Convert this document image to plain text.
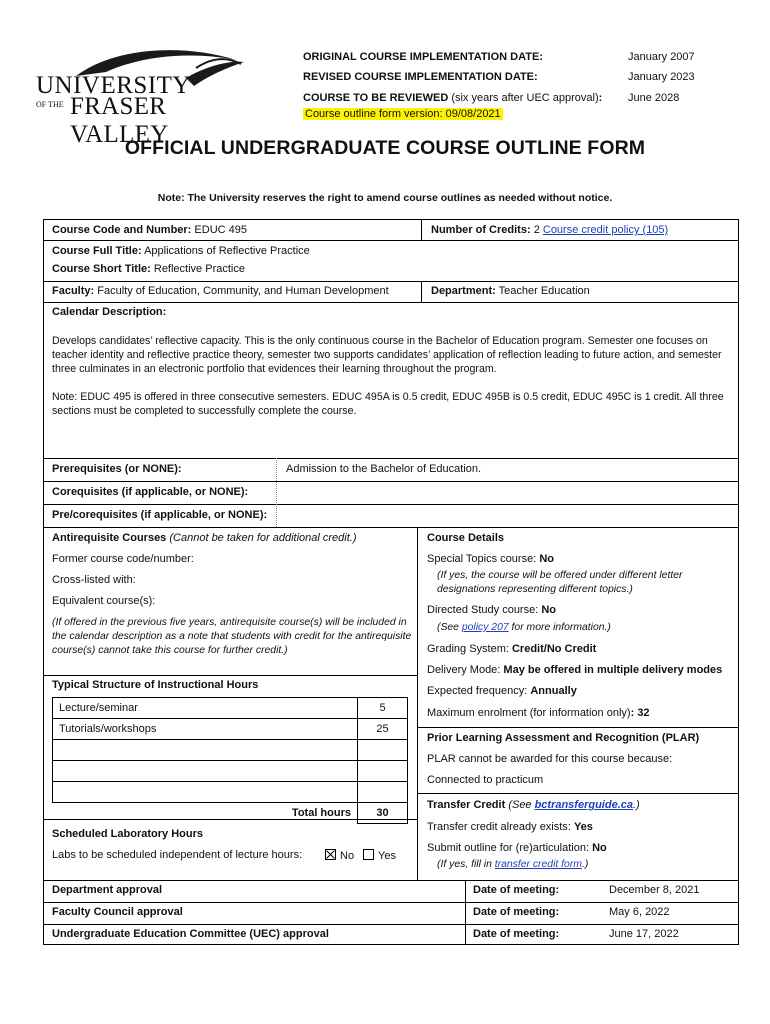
UNIVERSITY
OF THE FRASER VALLEY
ORIGINAL COURSE IMPLEMENTATION DATE:	January 2007
REVISED COURSE IMPLEMENTATION DATE:	January 2023
COURSE TO BE REVIEWED (six years after UEC approval): June 2028
Course outline form version: 09/08/2021
OFFICIAL UNDERGRADUATE COURSE OUTLINE FORM
Note: The University reserves the right to amend course outlines as needed without notice.
Course Code and Number: EDUC 495	Number of Credits: 2 Course credit policy (105)
Course Full Title: Applications of Reflective Practice
Course Short Title: Reflective Practice
Faculty: Faculty of Education, Community, and Human Development	Department: Teacher Education
Calendar Description:
Develops candidates’ reflective capacity. This is the only continuous course in the Bachelor of Education program. Semester one focuses on teacher identity and reflective practice theory, semester two supports candidates’ application of reflection leading to future action, and semester three culminates in an electronic portfolio that evidences their learning throughout the program.
Note: EDUC 495 is offered in three consecutive semesters. EDUC 495A is 0.5 credit, EDUC 495B is 0.5 credit, EDUC 495C is 1 credit. All three sections must be completed to successfully complete the course.
Prerequisites (or NONE):	Admission to the Bachelor of Education.
Corequisites (if applicable, or NONE):
Pre/corequisites (if applicable, or NONE):
Antirequisite Courses (Cannot be taken for additional credit.)
Former course code/number:
Cross-listed with:
Equivalent course(s):
(If offered in the previous five years, antirequisite course(s) will be included in the calendar description as a note that students with credit for the antirequisite course(s) cannot take this course for further credit.)
Typical Structure of Instructional Hours
Lecture/seminar	5
Tutorials/workshops	25

Total hours	30
Scheduled Laboratory Hours
Labs to be scheduled independent of lecture hours:	No	Yes
Course Details
Special Topics course: No
(If yes, the course will be offered under different letter designations representing different topics.)
Directed Study course: No
(See policy 207 for more information.)
Grading System: Credit/No Credit
Delivery Mode: May be offered in multiple delivery modes
Expected frequency: Annually
Maximum enrolment (for information only): 32
Prior Learning Assessment and Recognition (PLAR)
PLAR cannot be awarded for this course because:
Connected to practicum
Transfer Credit (See bctransferguide.ca.)
Transfer credit already exists: Yes
Submit outline for (re)articulation: No
(If yes, fill in transfer credit form.)
Department approval	Date of meeting:	December 8, 2021
Faculty Council approval	Date of meeting:	May 6, 2022
Undergraduate Education Committee (UEC) approval	Date of meeting:	June 17, 2022
